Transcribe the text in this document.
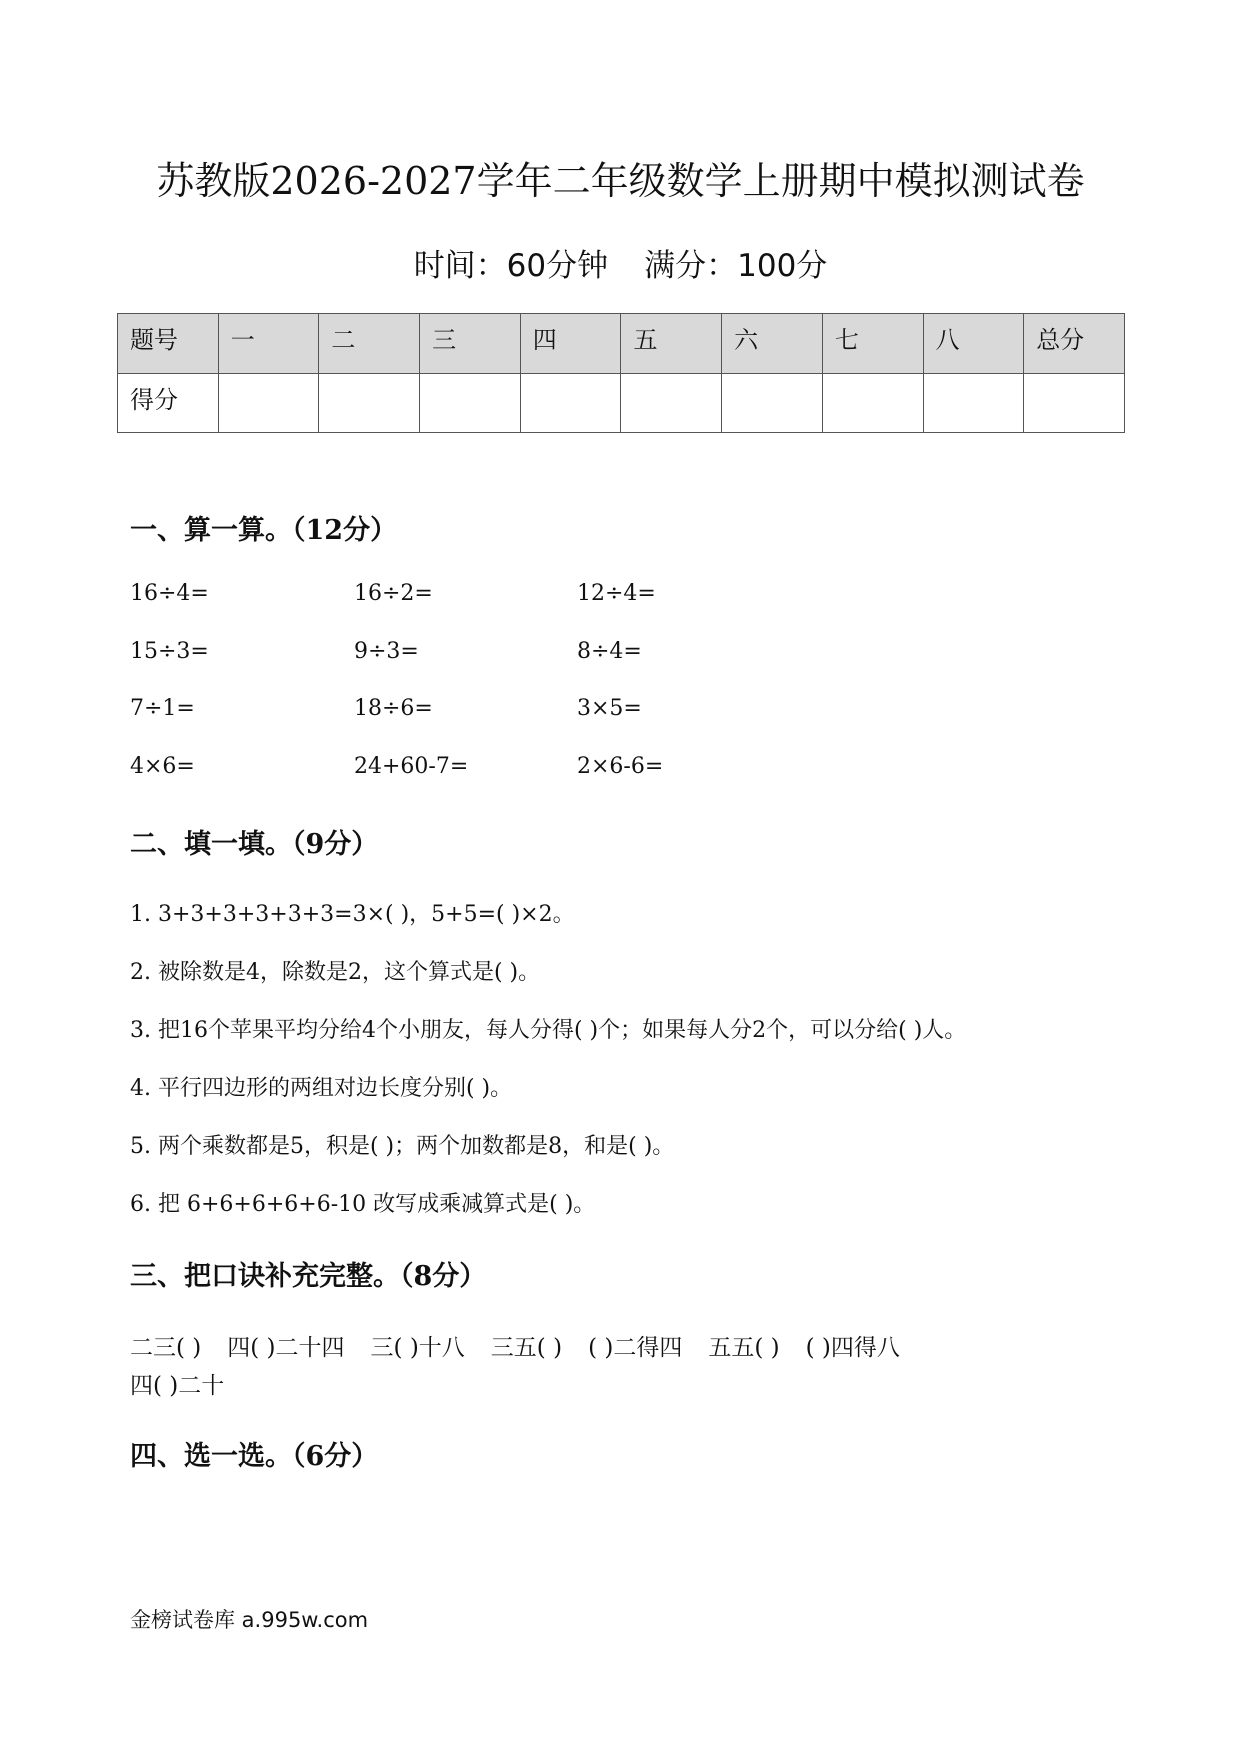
苏教版2026-2027学年二年级数学上册期中模拟测试卷
时间：60分钟 满分：100分
题号	一	二	三	四	五	六	七	八	总分
得分									
一、算一算。（12分）
16÷4=	16÷2=	12÷4=
15÷3=	9÷3=	8÷4=
7÷1=	18÷6=	3×5=
4×6=	24+60-7=	2×6-6=
二、填一填。（9分）
1. 3+3+3+3+3+3=3×( )，5+5=( )×2。
2. 被除数是4，除数是2，这个算式是( )。
3. 把16个苹果平均分给4个小朋友，每人分得( )个；如果每人分2个，可以分给( )人。
4. 平行四边形的两组对边长度分别( )。
5. 两个乘数都是5，积是( )；两个加数都是8，和是( )。
6. 把 6+6+6+6+6-10 改写成乘减算式是( )。
三、把口诀补充完整。（8分）
二三( ) 四( )二十四 三( )十八 三五( ) ( )二得四 五五( ) ( )四得八
四( )二十
四、选一选。（6分）
金榜试卷库 a.995w.com
